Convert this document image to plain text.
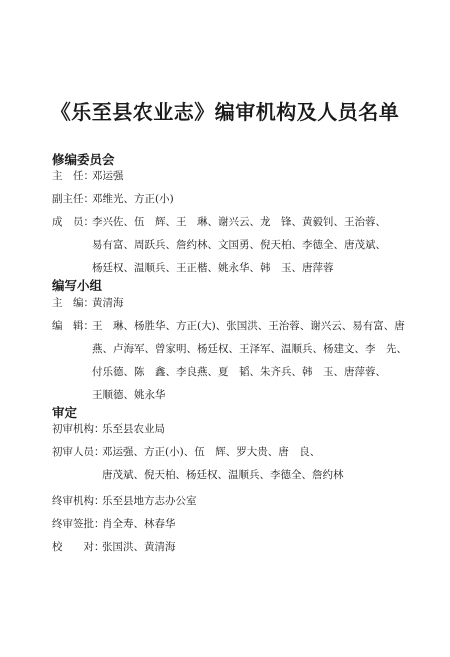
《乐至县农业志》编审机构及人员名单
修编委员会
主　任：
邓运强
副主任：
邓维光、方正(小)
成　员：
李兴佐、伍　辉、王　琳、谢兴云、龙　锋、黄毅钊、王治蓉、
易有富、周跃兵、詹约林、文国勇、倪天柏、李德全、唐茂斌、
杨廷权、温顺兵、王正楷、姚永华、韩　玉、唐萍蓉
编写小组
主　编：
黄清海
编　辑：
王　琳、杨胜华、方正(大)、张国洪、王治蓉、谢兴云、易有富、唐
燕、卢海军、曾家明、杨廷权、王泽军、温顺兵、杨建文、李　先、
付乐德、陈　鑫、李良燕、夏　韬、朱齐兵、韩　玉、唐萍蓉、
王顺德、姚永华
审定
初审机构：
乐至县农业局
初审人员：
邓运强、方正(小)、伍　辉、罗大贵、唐　良、
唐茂斌、倪天柏、杨廷权、温顺兵、李德全、詹约林
终审机构：
乐至县地方志办公室
终审签批：
肖全寿、林春华
校　　对：
张国洪、黄清海
